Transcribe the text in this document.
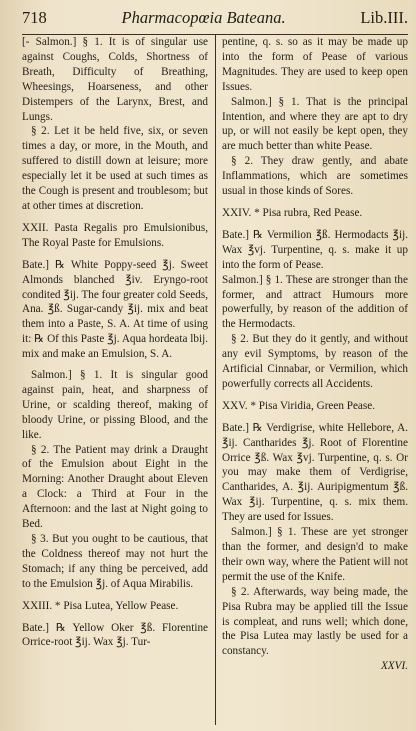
718	Pharmacopœia Bateana.	Lib.III.

[- Salmon.] § 1. It is of singular use against Coughs, Colds, Shortness of Breath, Difficulty of Breathing, Wheesings, Hoarseness, and other Distempers of the Larynx, Brest, and Lungs.

§ 2. Let it be held five, six, or seven times a day, or more, in the Mouth, and suffered to distill down at leisure; more especially let it be used at such times as the Cough is present and troublesom; but at other times at discretion.

XXII. Pasta Regalis pro Emulsionibus, The Royal Paste for Emulsions.

Bate.] ℞ White Poppy-seed ℥j. Sweet Almonds blanched ℥iv. Eryngo-root condited ℥ij. The four greater cold Seeds, Ana. ℥ß. Sugar-candy ℥ij. mix and beat them into a Paste, S. A. At time of using it: ℞ Of this Paste ℥j. Aqua hordeata lbij. mix and make an Emulsion, S. A.

Salmon.] § 1. It is singular good against pain, heat, and sharpness of Urine, or scalding thereof, making of bloody Urine, or pissing Blood, and the like.

§ 2. The Patient may drink a Draught of the Emulsion about Eight in the Morning: Another Draught about Eleven a Clock: a Third at Four in the Afternoon: and the last at Night going to Bed.

§ 3. But you ought to be cautious, that the Coldness thereof may not hurt the Stomach; if any thing be perceived, add to the Emulsion ℥j. of Aqua Mirabilis.

XXIII. * Pisa Lutea, Yellow Pease.

Bate.] ℞ Yellow Oker ℥ß. Florentine Orrice-root ℥ij. Wax ℥j. Tur-

pentine, q. s. so as it may be made up into the form of Pease of various Magnitudes. They are used to keep open Issues.

Salmon.] § 1. That is the principal Intention, and where they are apt to dry up, or will not easily be kept open, they are much better than white Pease.

§ 2. They draw gently, and abate Inflammations, which are sometimes usual in those kinds of Sores.

XXIV. * Pisa rubra, Red Pease.

Bate.] ℞ Vermilion ℥ß. Hermodacts ℥ij. Wax ℥vj. Turpentine, q. s. make it up into the form of Pease.

Salmon.] § 1. These are stronger than the former, and attract Humours more powerfully, by reason of the addition of the Hermodacts.

§ 2. But they do it gently, and without any evil Symptoms, by reason of the Artificial Cinnabar, or Vermilion, which powerfully corrects all Accidents.

XXV. * Pisa Viridia, Green Pease.

Bate.] ℞ Verdigrise, white Hellebore, A. ℥ij. Cantharides ℥j. Root of Florentine Orrice ℥ß. Wax ℥vj. Turpentine, q. s. Or you may make them of Verdigrise, Cantharides, A. ℥ij. Auripigmentum ℥ß. Wax ℥ij. Turpentine, q. s. mix them. They are used for Issues.

Salmon.] § 1. These are yet stronger than the former, and design'd to make their own way, where the Patient will not permit the use of the Knife.

§ 2. Afterwards, way being made, the Pisa Rubra may be applied till the Issue is compleat, and runs well; which done, the Pisa Lutea may lastly be used for a constancy.

XXVI.
